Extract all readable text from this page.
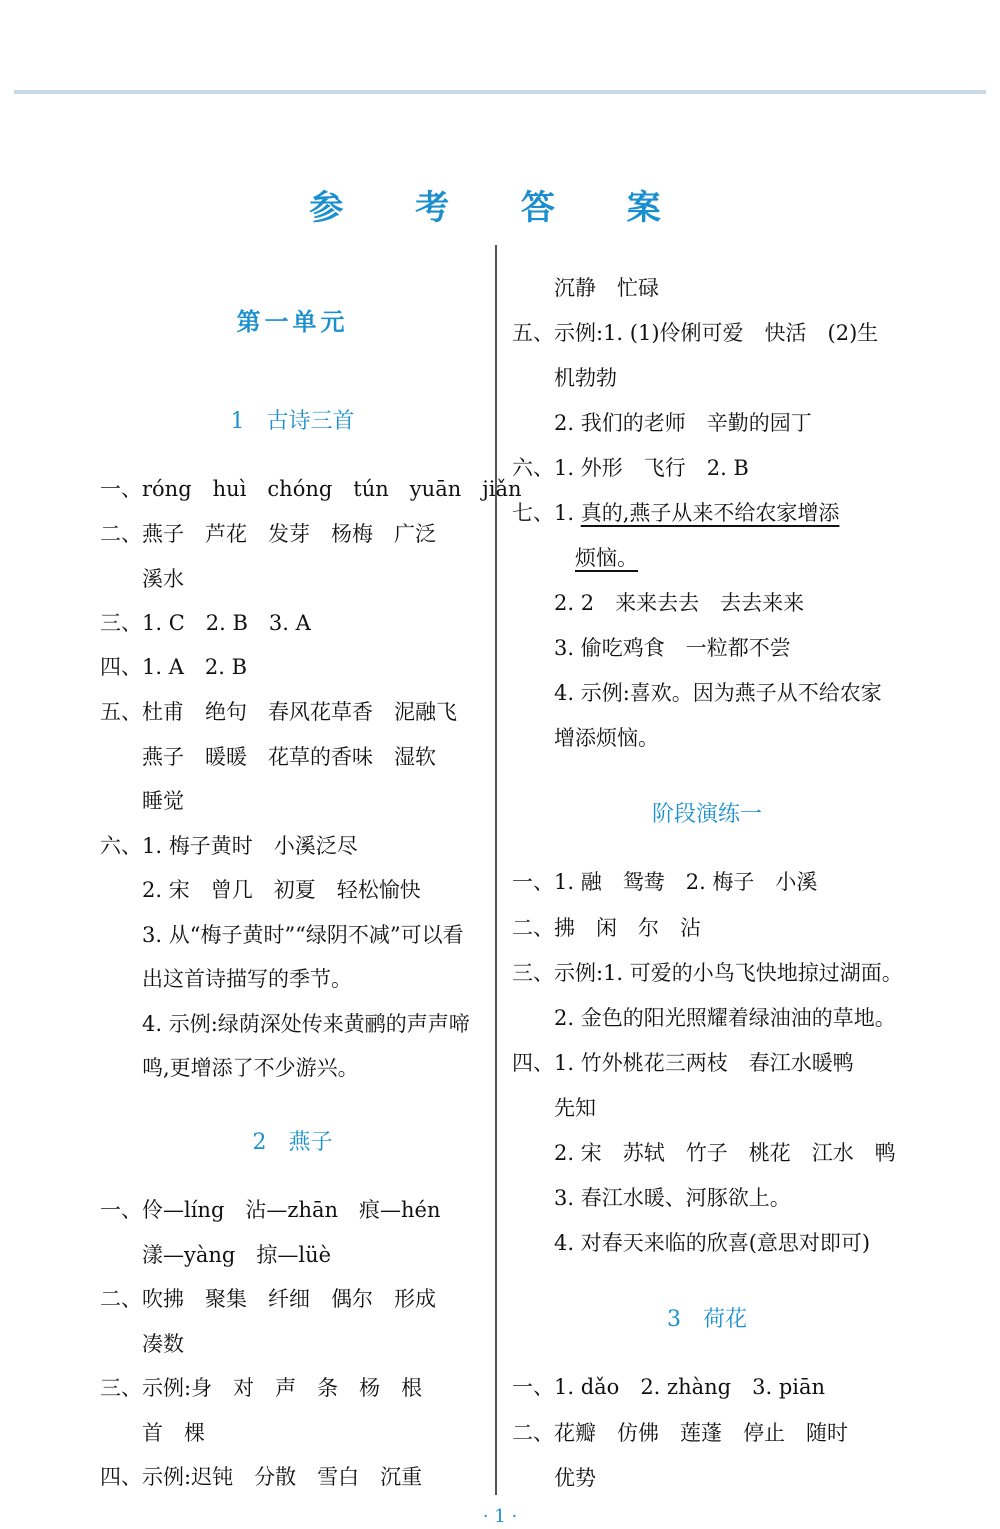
参 考 答 案
第一单元
1　古诗三首
一、róng　huì　chóng　tún　yuān　jiǎn
二、燕子　芦花　发芽　杨梅　广泛
　　溪水
三、1. C　2. B　3. A
四、1. A　2. B
五、杜甫　绝句　春风花草香　泥融飞
　　燕子　暖暖　花草的香味　湿软
　　睡觉
六、1. 梅子黄时　小溪泛尽
　　2. 宋　曾几　初夏　轻松愉快
　　3. 从“梅子黄时”“绿阴不减”可以看
　　出这首诗描写的季节。
　　4. 示例:绿荫深处传来黄鹂的声声啼
　　鸣,更增添了不少游兴。
2　燕子
一、伶—líng　沾—zhān　痕—hén
　　漾—yàng　掠—lüè
二、吹拂　聚集　纤细　偶尔　形成
　　凑数
三、示例:身　对　声　条　杨　根
　　首　棵
四、示例:迟钝　分散　雪白　沉重
　　沉静　忙碌
五、示例:1. (1)伶俐可爱　快活　(2)生
　　机勃勃
　　2. 我们的老师　辛勤的园丁
六、1. 外形　飞行　2. B
七、1. 真的,燕子从来不给农家增添
烦恼。
　　2. 2　来来去去　去去来来
　　3. 偷吃鸡食　一粒都不尝
　　4. 示例:喜欢。因为燕子从不给农家
　　增添烦恼。
阶段演练一
一、1. 融　鸳鸯　2. 梅子　小溪
二、拂　闲　尔　沾
三、示例:1. 可爱的小鸟飞快地掠过湖面。
　　2. 金色的阳光照耀着绿油油的草地。
四、1. 竹外桃花三两枝　春江水暖鸭
　　先知
　　2. 宋　苏轼　竹子　桃花　江水　鸭
　　3. 春江水暖、河豚欲上。
　　4. 对春天来临的欣喜(意思对即可)
3　荷花
一、1. dǎo　2. zhàng　3. piān
二、花瓣　仿佛　莲蓬　停止　随时
　　优势
· 1 ·
